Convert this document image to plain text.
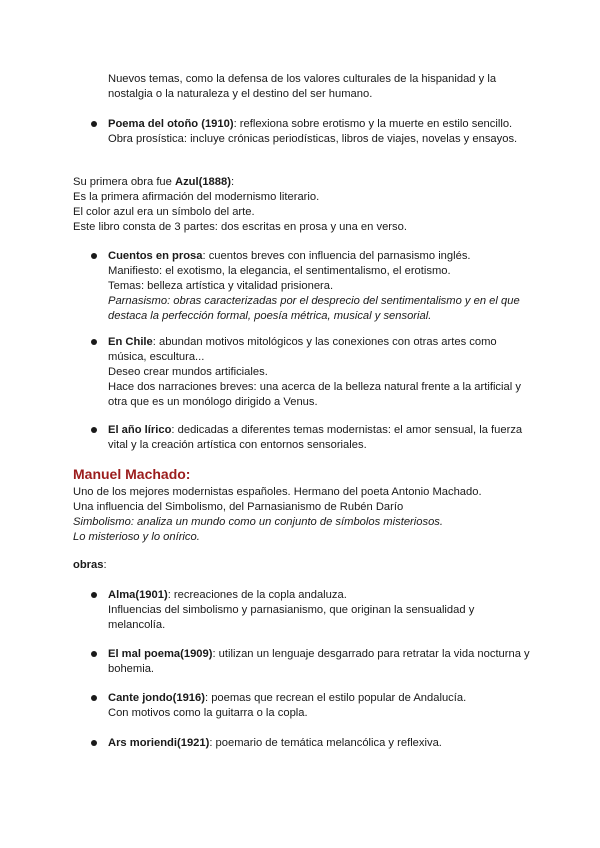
Nuevos temas, como la defensa de los valores culturales de la hispanidad y la
nostalgia o la naturaleza y el destino del ser humano.
Poema del otoño (1910): reflexiona sobre erotismo y la muerte en estilo sencillo.
Obra prosística: incluye crónicas periodísticas, libros de viajes, novelas y ensayos.
Su primera obra fue Azul(1888):
Es la primera afirmación del modernismo literario.
El color azul era un símbolo del arte.
Este libro consta de 3 partes: dos escritas en prosa y una en verso.
Cuentos en prosa: cuentos breves con influencia del parnasismo inglés.
Manifiesto: el exotismo, la elegancia, el sentimentalismo, el erotismo.
Temas: belleza artística y vitalidad prisionera.
Parnasismo: obras caracterizadas por el desprecio del sentimentalismo y en el que
destaca la perfección formal, poesía métrica, musical y sensorial.
En Chile: abundan motivos mitológicos y las conexiones con otras artes como
música, escultura...
Deseo crear mundos artificiales.
Hace dos narraciones breves: una acerca de la belleza natural frente a la artificial y
otra que es un monólogo dirigido a Venus.
El año lírico: dedicadas a diferentes temas modernistas: el amor sensual, la fuerza
vital y la creación artística con entornos sensoriales.
Manuel Machado:
Uno de los mejores modernistas españoles. Hermano del poeta Antonio Machado.
Una influencia del Simbolismo, del Parnasianismo de Rubén Darío
Simbolismo: analiza un mundo como un conjunto de símbolos misteriosos.
Lo misterioso y lo onírico.
obras:
Alma(1901): recreaciones de la copla andaluza.
Influencias del simbolismo y parnasianismo, que originan la sensualidad y
melancolía.
El mal poema(1909): utilizan un lenguaje desgarrado para retratar la vida nocturna y
bohemia.
Cante jondo(1916): poemas que recrean el estilo popular de Andalucía.
Con motivos como la guitarra o la copla.
Ars moriendi(1921): poemario de temática melancólica y reflexiva.
